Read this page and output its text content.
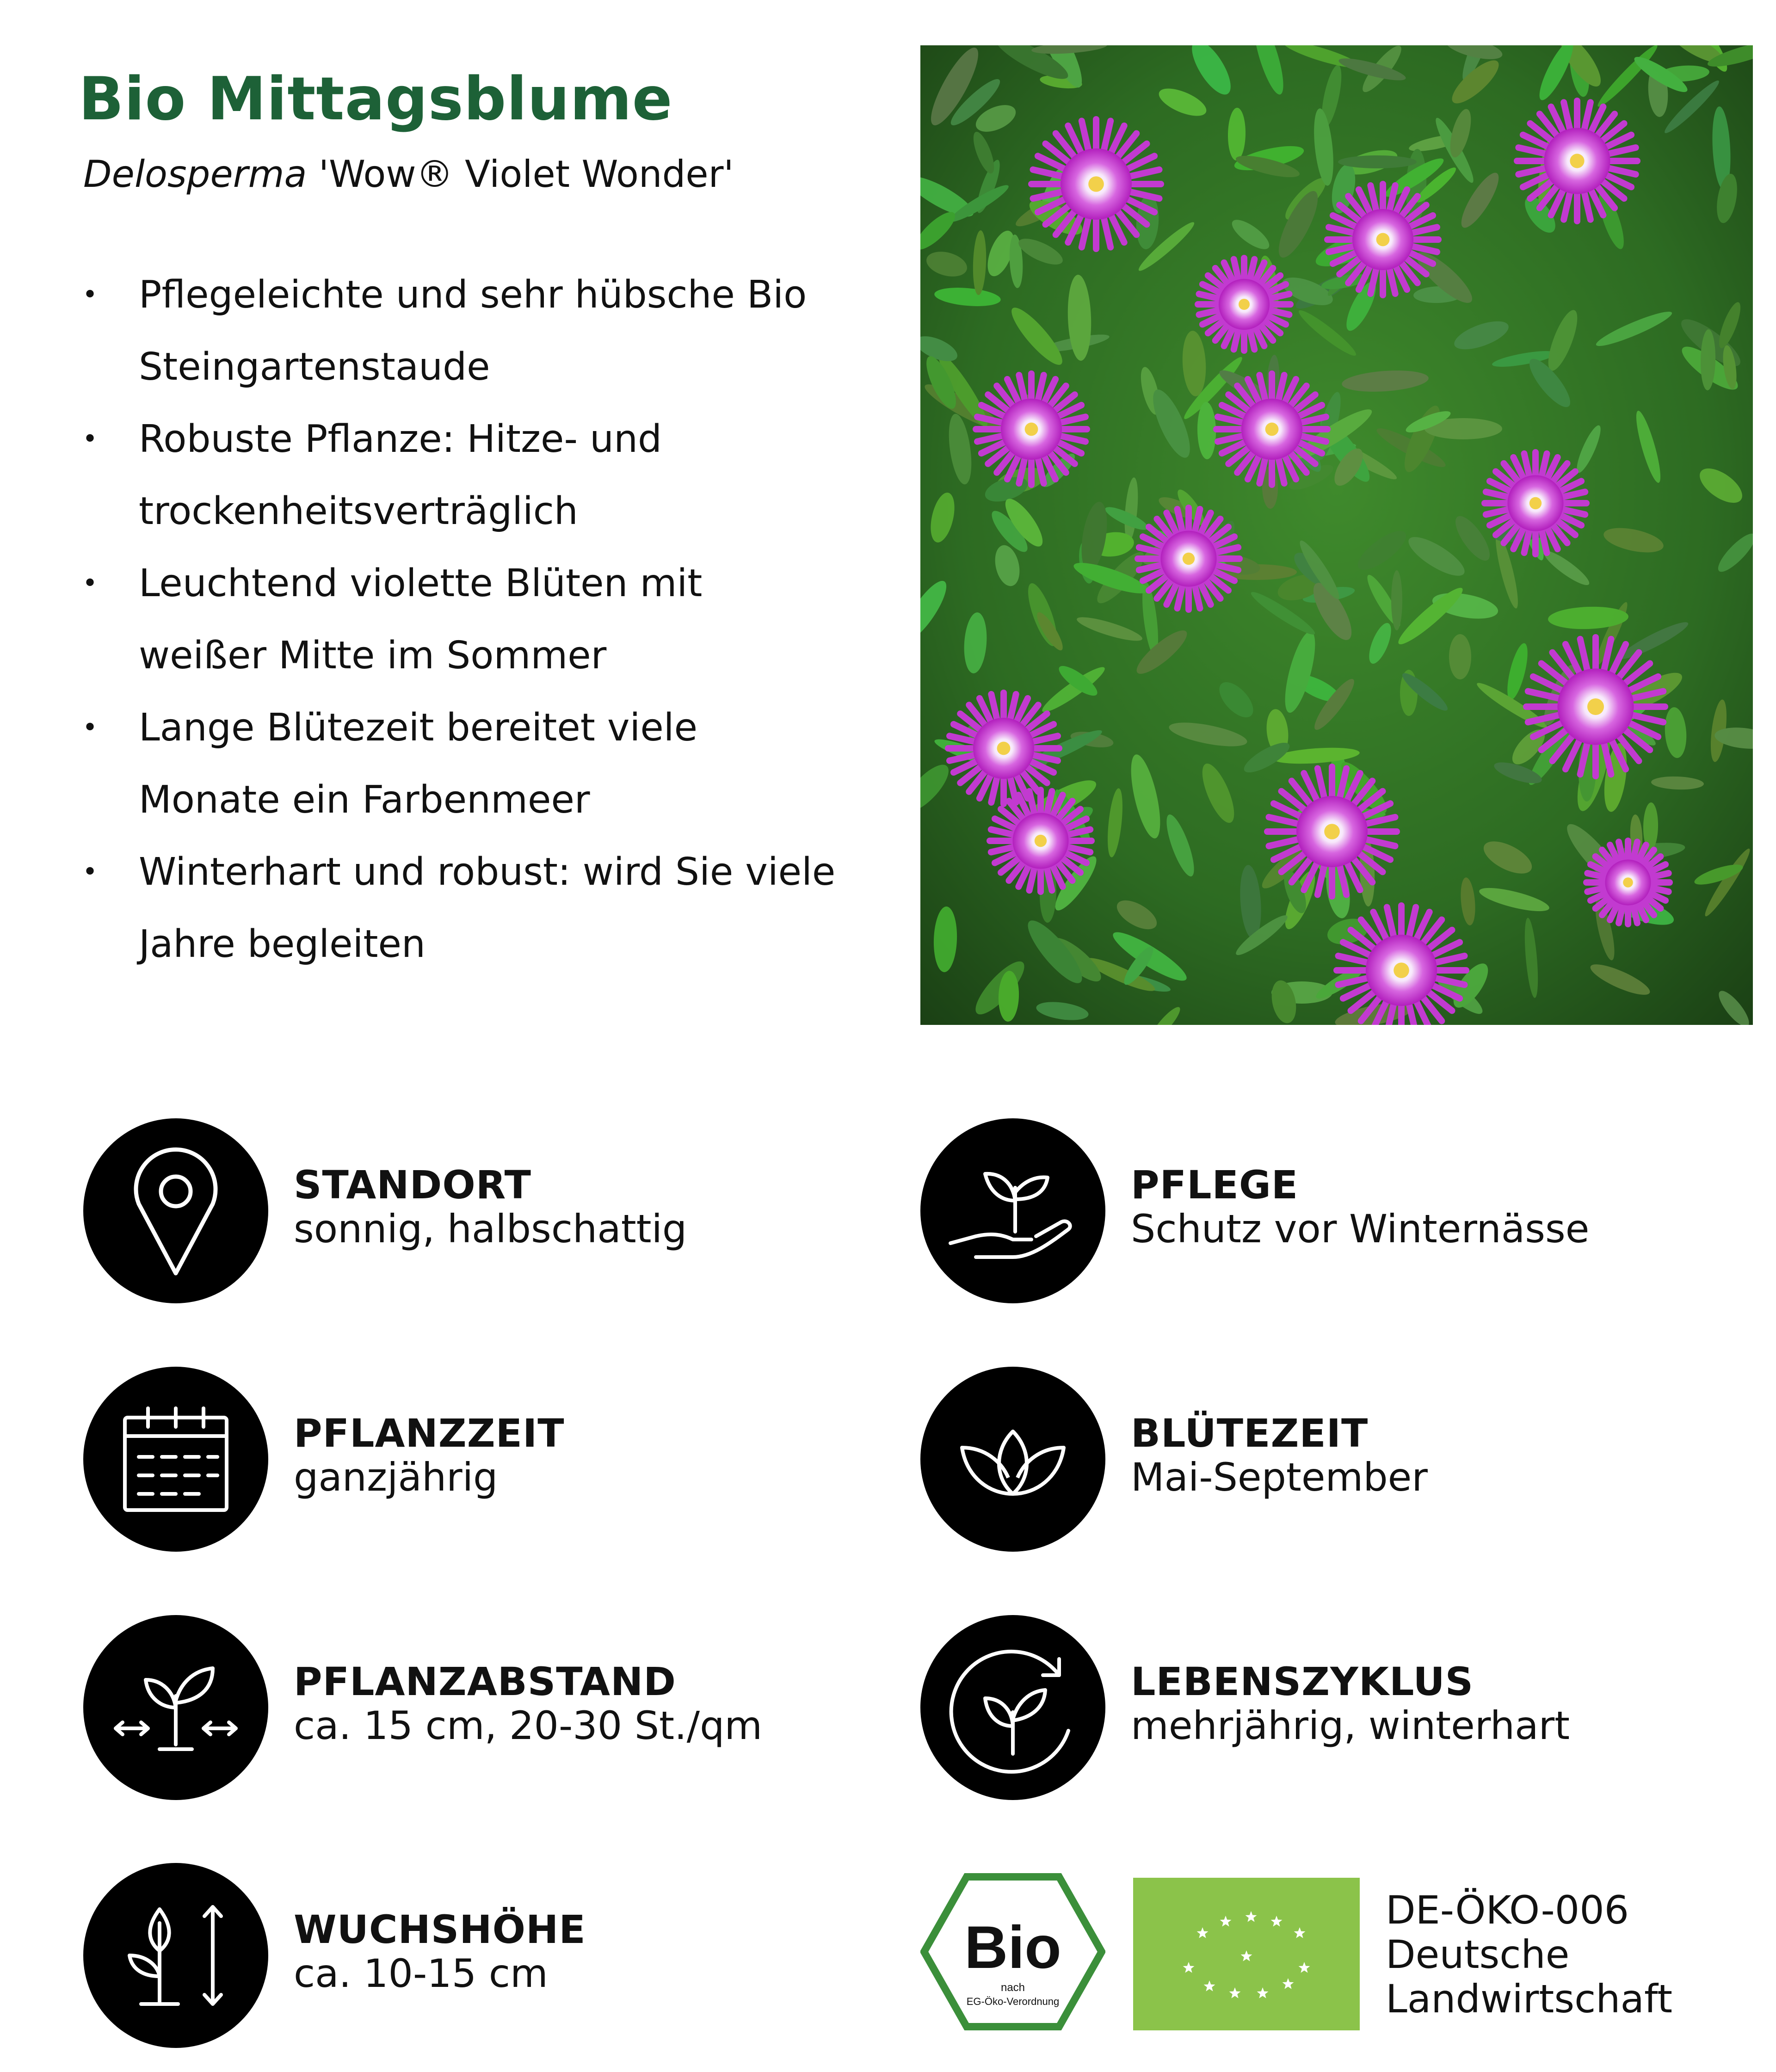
Bio Mittagsblume
Delosperma 'Wow® Violet Wonder'
• Pflegeleichte und sehr hübsche Bio Steingartenstaude
• Robuste Pflanze: Hitze- und trockenheitsverträglich
• Leuchtend violette Blüten mit weißer Mitte im Sommer
• Lange Blütezeit bereitet viele Monate ein Farbenmeer
• Winterhart und robust: wird Sie viele Jahre begleiten
STANDORT
sonnig, halbschattig
PFLEGE
Schutz vor Winternässe
PFLANZZEIT
ganzjährig
BLÜTEZEIT
Mai-September
PFLANZABSTAND
ca. 15 cm, 20-30 St./qm
LEBENSZYKLUS
mehrjährig, winterhart
WUCHSHÖHE
ca. 10-15 cm	Bio
nach
EG-Öko-Verordnung
DE-ÖKO-006
Deutsche
Landwirtschaft
